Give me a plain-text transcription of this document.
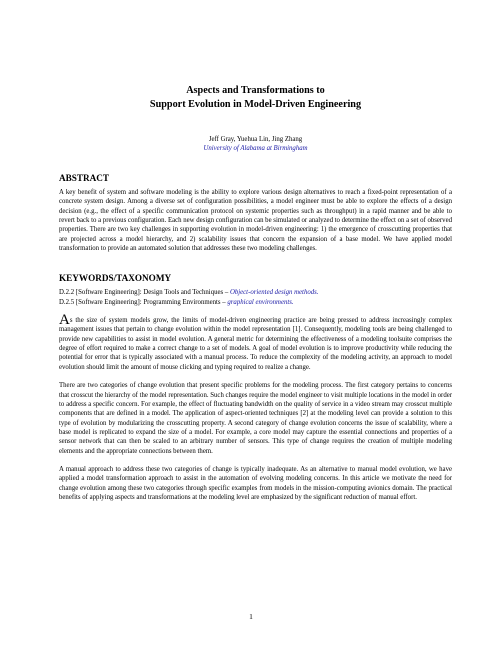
Aspects and Transformations to
Support Evolution in Model-Driven Engineering
Jeff Gray, Yuehua Lin, Jing Zhang
University of Alabama at Birmingham
ABSTRACT

A key benefit of system and software modeling is the ability to explore various design alternatives to reach a fixed-point representation of a concrete system design. Among a diverse set of configuration possibilities, a model engineer must be able to explore the effects of a design decision (e.g., the effect of a specific communication protocol on systemic properties such as throughput) in a rapid manner and be able to revert back to a previous configuration. Each new design configuration can be simulated or analyzed to determine the effect on a set of observed properties. There are two key challenges in supporting evolution in model-driven engineering: 1) the emergence of crosscutting properties that are projected across a model hierarchy, and 2) scalability issues that concern the expansion of a base model. We have applied model transformation to provide an automated solution that addresses these two modeling challenges.

KEYWORDS/TAXONOMY
D.2.2 [Software Engineering]: Design Tools and Techniques – Object-oriented design methods.
D.2.5 [Software Engineering]: Programming Environments – graphical environments.

As the size of system models grow, the limits of model-driven engineering practice are being pressed to address increasingly complex management issues that pertain to change evolution within the model representation [1]. Consequently, modeling tools are being challenged to provide new capabilities to assist in model evolution. A general metric for determining the effectiveness of a modeling toolsuite comprises the degree of effort required to make a correct change to a set of models. A goal of model evolution is to improve productivity while reducing the potential for error that is typically associated with a manual process. To reduce the complexity of the modeling activity, an approach to model evolution should limit the amount of mouse clicking and typing required to realize a change.

There are two categories of change evolution that present specific problems for the modeling process. The first category pertains to concerns that crosscut the hierarchy of the model representation. Such changes require the model engineer to visit multiple locations in the model in order to address a specific concern. For example, the effect of fluctuating bandwidth on the quality of service in a video stream may crosscut multiple components that are defined in a model. The application of aspect-oriented techniques [2] at the modeling level can provide a solution to this type of evolution by modularizing the crosscutting property. A second category of change evolution concerns the issue of scalability, where a base model is replicated to expand the size of a model. For example, a core model may capture the essential connections and properties of a sensor network that can then be scaled to an arbitrary number of sensors. This type of change requires the creation of multiple modeling elements and the appropriate connections between them.

A manual approach to address these two categories of change is typically inadequate. As an alternative to manual model evolution, we have applied a model transformation approach to assist in the automation of evolving modeling concerns. In this article we motivate the need for change evolution among these two categories through specific examples from models in the mission-computing avionics domain. The practical benefits of applying aspects and transformations at the modeling level are emphasized by the significant reduction of manual effort.

1
